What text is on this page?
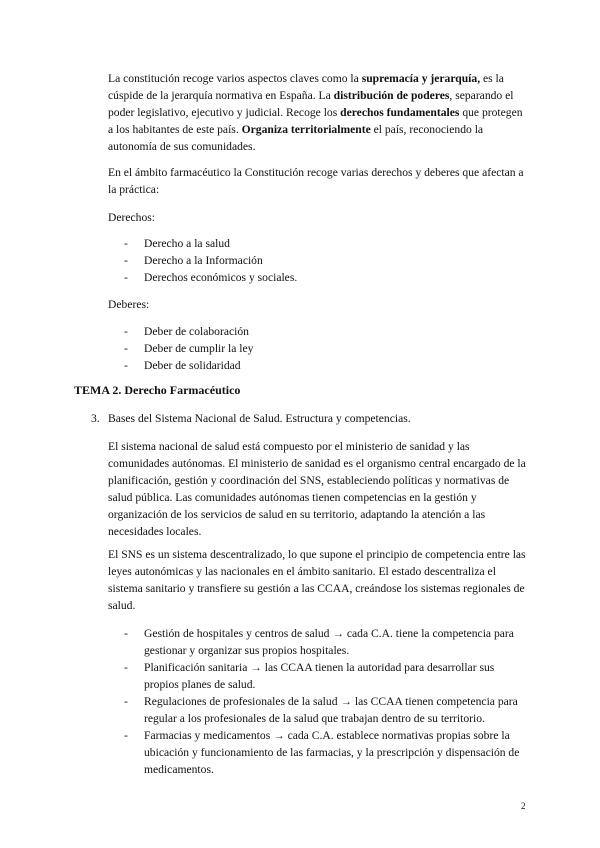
La constitución recoge varios aspectos claves como la supremacía y jerarquía, es la cúspide de la jerarquía normativa en España. La distribución de poderes, separando el poder legislativo, ejecutivo y judicial. Recoge los derechos fundamentales que protegen a los habitantes de este país. Organiza territorialmente el país, reconociendo la autonomía de sus comunidades.

En el ámbito farmacéutico la Constitución recoge varias derechos y deberes que afectan a la práctica:

Derechos:

- Derecho a la salud
- Derecho a la Información
- Derechos económicos y sociales.

Deberes:

- Deber de colaboración
- Deber de cumplir la ley
- Deber de solidaridad
TEMA 2. Derecho Farmacéutico
3. Bases del Sistema Nacional de Salud. Estructura y competencias.

El sistema nacional de salud está compuesto por el ministerio de sanidad y las comunidades autónomas. El ministerio de sanidad es el organismo central encargado de la planificación, gestión y coordinación del SNS, estableciendo políticas y normativas de salud pública. Las comunidades autónomas tienen competencias en la gestión y organización de los servicios de salud en su territorio, adaptando la atención a las necesidades locales.

El SNS es un sistema descentralizado, lo que supone el principio de competencia entre las leyes autonómicas y las nacionales en el ámbito sanitario. El estado descentraliza el sistema sanitario y transfiere su gestión a las CCAA, creándose los sistemas regionales de salud.

- Gestión de hospitales y centros de salud → cada C.A. tiene la competencia para gestionar y organizar sus propios hospitales.
- Planificación sanitaria → las CCAA tienen la autoridad para desarrollar sus propios planes de salud.
- Regulaciones de profesionales de la salud → las CCAA tienen competencia para regular a los profesionales de la salud que trabajan dentro de su territorio.
- Farmacias y medicamentos → cada C.A. establece normativas propias sobre la ubicación y funcionamiento de las farmacias, y la prescripción y dispensación de medicamentos.
2
